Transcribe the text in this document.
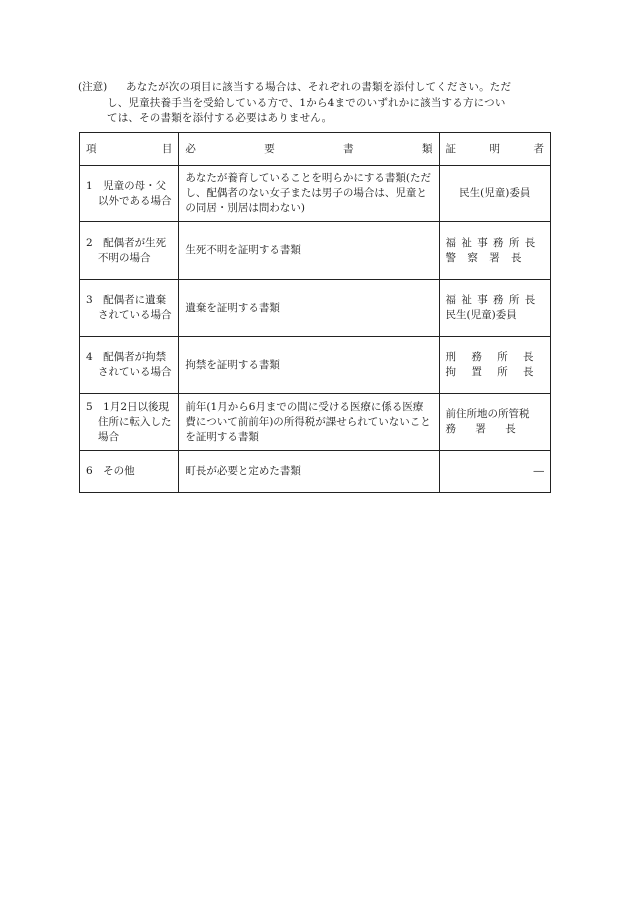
(注意)	あなたが次の項目に該当する場合は、それぞれの書類を添付してください。ただ
し、児童扶養手当を受給している方で、1から4までのいずれかに該当する方につい
ては、その書類を添付する必要はありません。
項 目	必 要 書 類	証 明 者

1　児童の母・父以外である場合	あなたが養育していることを明らかにする書類(ただし、配偶者のない女子または男子の場合は、児童との同居・別居は問わない)	民生(児童)委員

2　配偶者が生死不明の場合	生死不明を証明する書類	福 祉 事 務 所 長
警 察 署 長

3　配偶者に遺棄されている場合	遺棄を証明する書類	福 祉 事 務 所 長
民生(児童)委員

4　配偶者が拘禁されている場合	拘禁を証明する書類	刑 務 所 長
拘 置 所 長

5　1月2日以後現住所に転入した場合	前年(1月から6月までの間に受ける医療に係る医療費について前前年)の所得税が課せられていないことを証明する書類	前住所地の所管税
務 署 長

6　その他	町長が必要と定めた書類	―
